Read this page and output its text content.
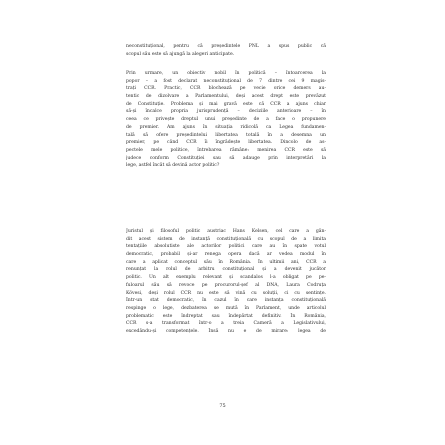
neconstituțional, pentru că președintele PNL a spus public că
scopul său este să ajungă la alegeri anticipate.
Prin urmare, un obiectiv nobil în politică – întoarcerea la
popor – a fost declarat neconstituțional de 7 dintre cei 9 magis-
trați CCR. Practic, CCR blochează pe vecie orice demers au-
tentic de dizolvare a Parlamentului, deși acest drept este prevăzut
de Constituție. Problema și mai gravă este că CCR a ajuns chiar
să-și încalce propria jurisprudență – deciziile anterioare – în
ceea ce privește dreptul unui președinte de a face o propunere
de premier. Am ajuns în situația ridicolă ca Legea fundamen-
tală să ofere președintelui libertatea totală în a desemna un
premier, pe când CCR îi îngrădește libertatea. Dincolo de as-
pectele mele politice, întrebarea rămâne: menirea CCR este să
judece conform Constituției sau să adauge prin interpretări la
lege, astfel încât să devină actor politic?
Juristul și filosoful politic austriac Hans Kelsen, cel care a gân-
dit acest sistem de instanță constituțională cu scopul de a limita
tentațiile absolutiste ale actorilor politici care au în spate votul
democratic, probabil și-ar renega opera dacă ar vedea modul în
care a aplicat conceptul său în România. În ultimii ani, CCR a
renunțat la rolul de arbitru constituțional și a devenit jucător
politic. Un alt exemplu relevant și scandalos l-a obligat pe pe-
fuloarul său să revoce pe procurorul-șef al DNA, Laura Codruța
Kövesi, deși rolul CCR nu este să vină cu soluții, ci cu sentințe.
Într-un stat democratic, în cazul în care instanța constituțională
respinge o lege, dezbaterea se mută în Parlament, unde articolul
problematic este îndreptat sau îndepărtat definitiv. În România,
CCR s-a transformat într-o a treia Cameră a Legislativului,
excedându-și competențele. Însă nu e de mirare: legea de
75
